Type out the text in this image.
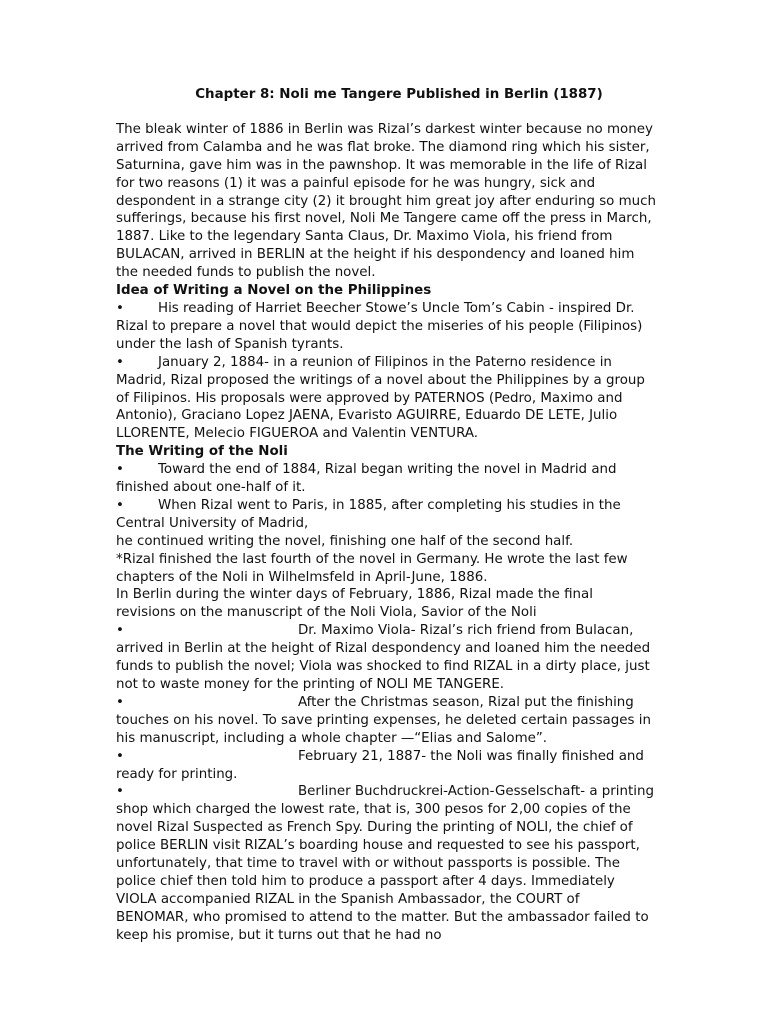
Chapter 8: Noli me Tangere Published in Berlin (1887)

The bleak winter of 1886 in Berlin was Rizal’s darkest winter because no money arrived from Calamba and he was flat broke. The diamond ring which his sister, Saturnina, gave him was in the pawnshop. It was memorable in the life of Rizal for two reasons (1) it was a painful episode for he was hungry, sick and despondent in a strange city (2) it brought him great joy after enduring so much sufferings, because his first novel, Noli Me Tangere came off the press in March, 1887. Like to the legendary Santa Claus, Dr. Maximo Viola, his friend from BULACAN, arrived in BERLIN at the height if his despondency and loaned him the needed funds to publish the novel.

Idea of Writing a Novel on the Philippines

•	His reading of Harriet Beecher Stowe’s Uncle Tom’s Cabin - inspired Dr. Rizal to prepare a novel that would depict the miseries of his people (Filipinos) under the lash of Spanish tyrants.

•	January 2, 1884- in a reunion of Filipinos in the Paterno residence in Madrid, Rizal proposed the writings of a novel about the Philippines by a group of Filipinos. His proposals were approved by PATERNOS (Pedro, Maximo and Antonio), Graciano Lopez JAENA, Evaristo AGUIRRE, Eduardo DE LETE, Julio LLORENTE, Melecio FIGUEROA and Valentin VENTURA.

The Writing of the Noli

•	Toward the end of 1884, Rizal began writing the novel in Madrid and finished about one-half of it.

•	When Rizal went to Paris, in 1885, after completing his studies in the Central University of Madrid,

he continued writing the novel, finishing one half of the second half.

*Rizal finished the last fourth of the novel in Germany. He wrote the last few chapters of the Noli in Wilhelmsfeld in April-June, 1886.

In Berlin during the winter days of February, 1886, Rizal made the final revisions on the manuscript of the Noli Viola, Savior of the Noli

•	Dr. Maximo Viola- Rizal’s rich friend from Bulacan, arrived in Berlin at the height of Rizal despondency and loaned him the needed funds to publish the novel; Viola was shocked to find RIZAL in a dirty place, just not to waste money for the printing of NOLI ME TANGERE.

•	After the Christmas season, Rizal put the finishing touches on his novel. To save printing expenses, he deleted certain passages in his manuscript, including a whole chapter —“Elias and Salome”.

•	February 21, 1887- the Noli was finally finished and ready for printing.

•	Berliner Buchdruckrei-Action-Gesselschaft- a printing shop which charged the lowest rate, that is, 300 pesos for 2,00 copies of the novel Rizal Suspected as French Spy. During the printing of NOLI, the chief of police BERLIN visit RIZAL’s boarding house and requested to see his passport, unfortunately, that time to travel with or without passports is possible. The police chief then told him to produce a passport after 4 days. Immediately VIOLA accompanied RIZAL in the Spanish Ambassador, the COURT of BENOMAR, who promised to attend to the matter. But the ambassador failed to keep his promise, but it turns out that he had no
